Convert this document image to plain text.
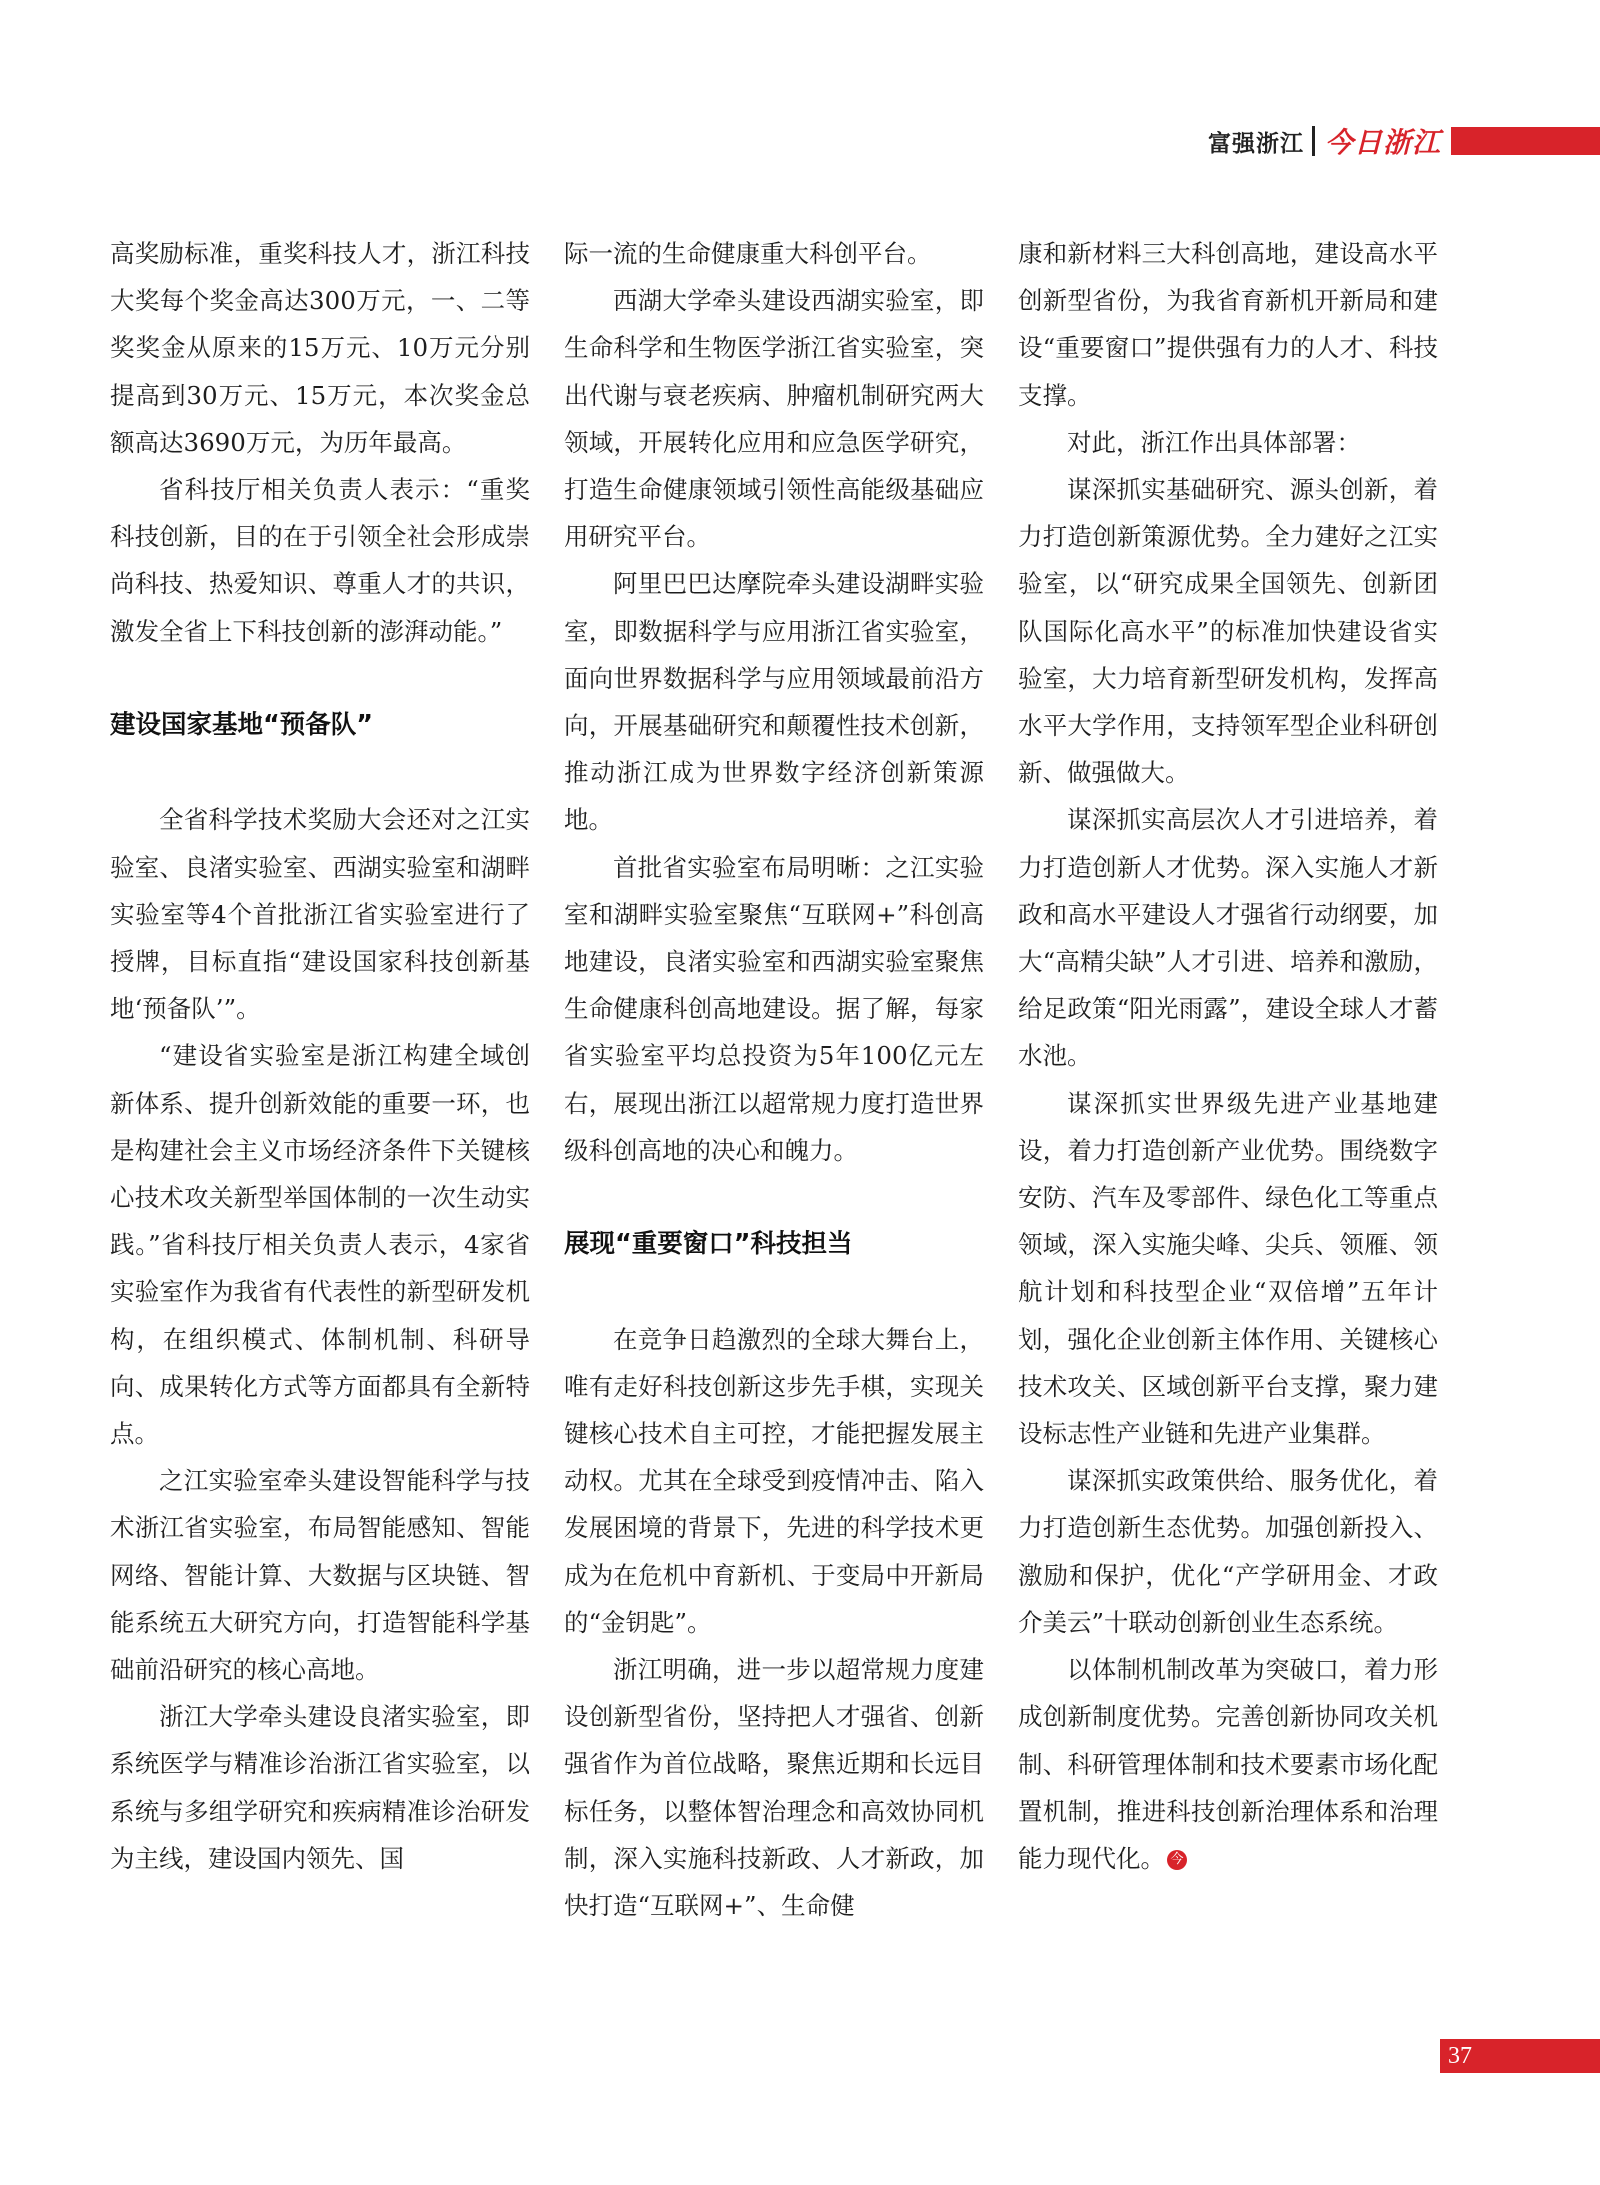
富强浙江 今日浙江

高奖励标准，重奖科技人才，浙江科技大奖每个奖金高达300万元，一、二等奖奖金从原来的15万元、10万元分别提高到30万元、15万元，本次奖金总额高达3690万元，为历年最高。

省科技厅相关负责人表示：“重奖科技创新，目的在于引领全社会形成崇尚科技、热爱知识、尊重人才的共识，激发全省上下科技创新的澎湃动能。”

建设国家基地“预备队”

全省科学技术奖励大会还对之江实验室、良渚实验室、西湖实验室和湖畔实验室等4个首批浙江省实验室进行了授牌，目标直指“建设国家科技创新基地‘预备队’”。

“建设省实验室是浙江构建全域创新体系、提升创新效能的重要一环，也是构建社会主义市场经济条件下关键核心技术攻关新型举国体制的一次生动实践。”省科技厅相关负责人表示，4家省实验室作为我省有代表性的新型研发机构，在组织模式、体制机制、科研导向、成果转化方式等方面都具有全新特点。

之江实验室牵头建设智能科学与技术浙江省实验室，布局智能感知、智能网络、智能计算、大数据与区块链、智能系统五大研究方向，打造智能科学基础前沿研究的核心高地。

浙江大学牵头建设良渚实验室，即系统医学与精准诊治浙江省实验室，以系统与多组学研究和疾病精准诊治研发为主线，建设国内领先、国

际一流的生命健康重大科创平台。

西湖大学牵头建设西湖实验室，即生命科学和生物医学浙江省实验室，突出代谢与衰老疾病、肿瘤机制研究两大领域，开展转化应用和应急医学研究，打造生命健康领域引领性高能级基础应用研究平台。

阿里巴巴达摩院牵头建设湖畔实验室，即数据科学与应用浙江省实验室，面向世界数据科学与应用领域最前沿方向，开展基础研究和颠覆性技术创新，推动浙江成为世界数字经济创新策源地。

首批省实验室布局明晰：之江实验室和湖畔实验室聚焦“互联网+”科创高地建设，良渚实验室和西湖实验室聚焦生命健康科创高地建设。据了解，每家省实验室平均总投资为5年100亿元左右，展现出浙江以超常规力度打造世界级科创高地的决心和魄力。

展现“重要窗口”科技担当

在竞争日趋激烈的全球大舞台上，唯有走好科技创新这步先手棋，实现关键核心技术自主可控，才能把握发展主动权。尤其在全球受到疫情冲击、陷入发展困境的背景下，先进的科学技术更成为在危机中育新机、于变局中开新局的“金钥匙”。

浙江明确，进一步以超常规力度建设创新型省份，坚持把人才强省、创新强省作为首位战略，聚焦近期和长远目标任务，以整体智治理念和高效协同机制，深入实施科技新政、人才新政，加快打造“互联网+”、生命健

康和新材料三大科创高地，建设高水平创新型省份，为我省育新机开新局和建设“重要窗口”提供强有力的人才、科技支撑。

对此，浙江作出具体部署：

谋深抓实基础研究、源头创新，着力打造创新策源优势。全力建好之江实验室，以“研究成果全国领先、创新团队国际化高水平”的标准加快建设省实验室，大力培育新型研发机构，发挥高水平大学作用，支持领军型企业科研创新、做强做大。

谋深抓实高层次人才引进培养，着力打造创新人才优势。深入实施人才新政和高水平建设人才强省行动纲要，加大“高精尖缺”人才引进、培养和激励，给足政策“阳光雨露”，建设全球人才蓄水池。

谋深抓实世界级先进产业基地建设，着力打造创新产业优势。围绕数字安防、汽车及零部件、绿色化工等重点领域，深入实施尖峰、尖兵、领雁、领航计划和科技型企业“双倍增”五年计划，强化企业创新主体作用、关键核心技术攻关、区域创新平台支撑，聚力建设标志性产业链和先进产业集群。

谋深抓实政策供给、服务优化，着力打造创新生态优势。加强创新投入、激励和保护，优化“产学研用金、才政介美云”十联动创新创业生态系统。

以体制机制改革为突破口，着力形成创新制度优势。完善创新协同攻关机制、科研管理体制和技术要素市场化配置机制，推进科技创新治理体系和治理能力现代化。 今

37
